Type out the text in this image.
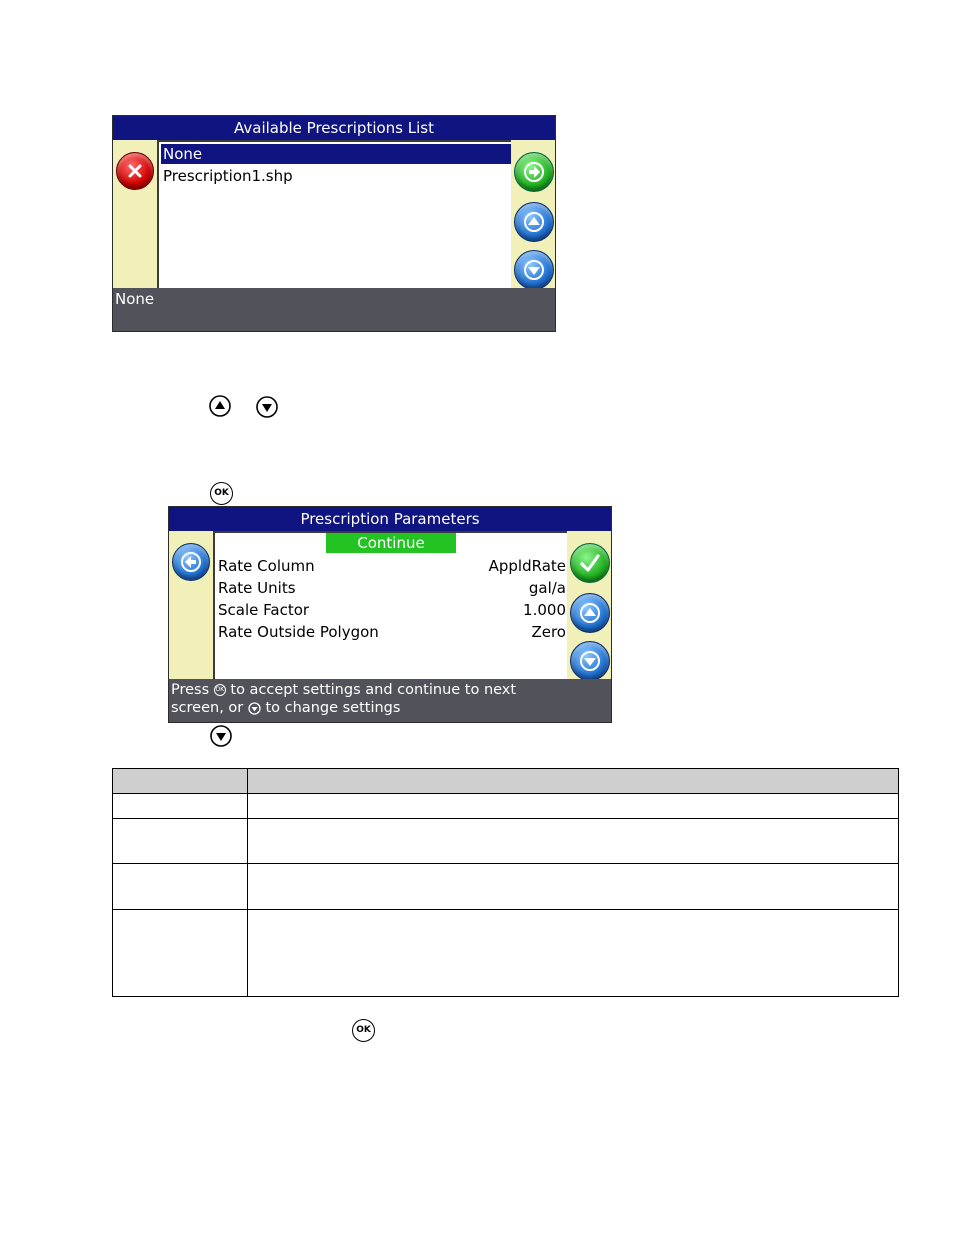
Available Prescriptions List
None
Prescription1.shp
None
OK
Prescription Parameters
Continue
Rate Column	AppldRate
Rate Units	gal/a
Scale Factor	1.000
Rate Outside Polygon	Zero
Press OK to accept settings and continue to next
screen, or to change settings

OK
